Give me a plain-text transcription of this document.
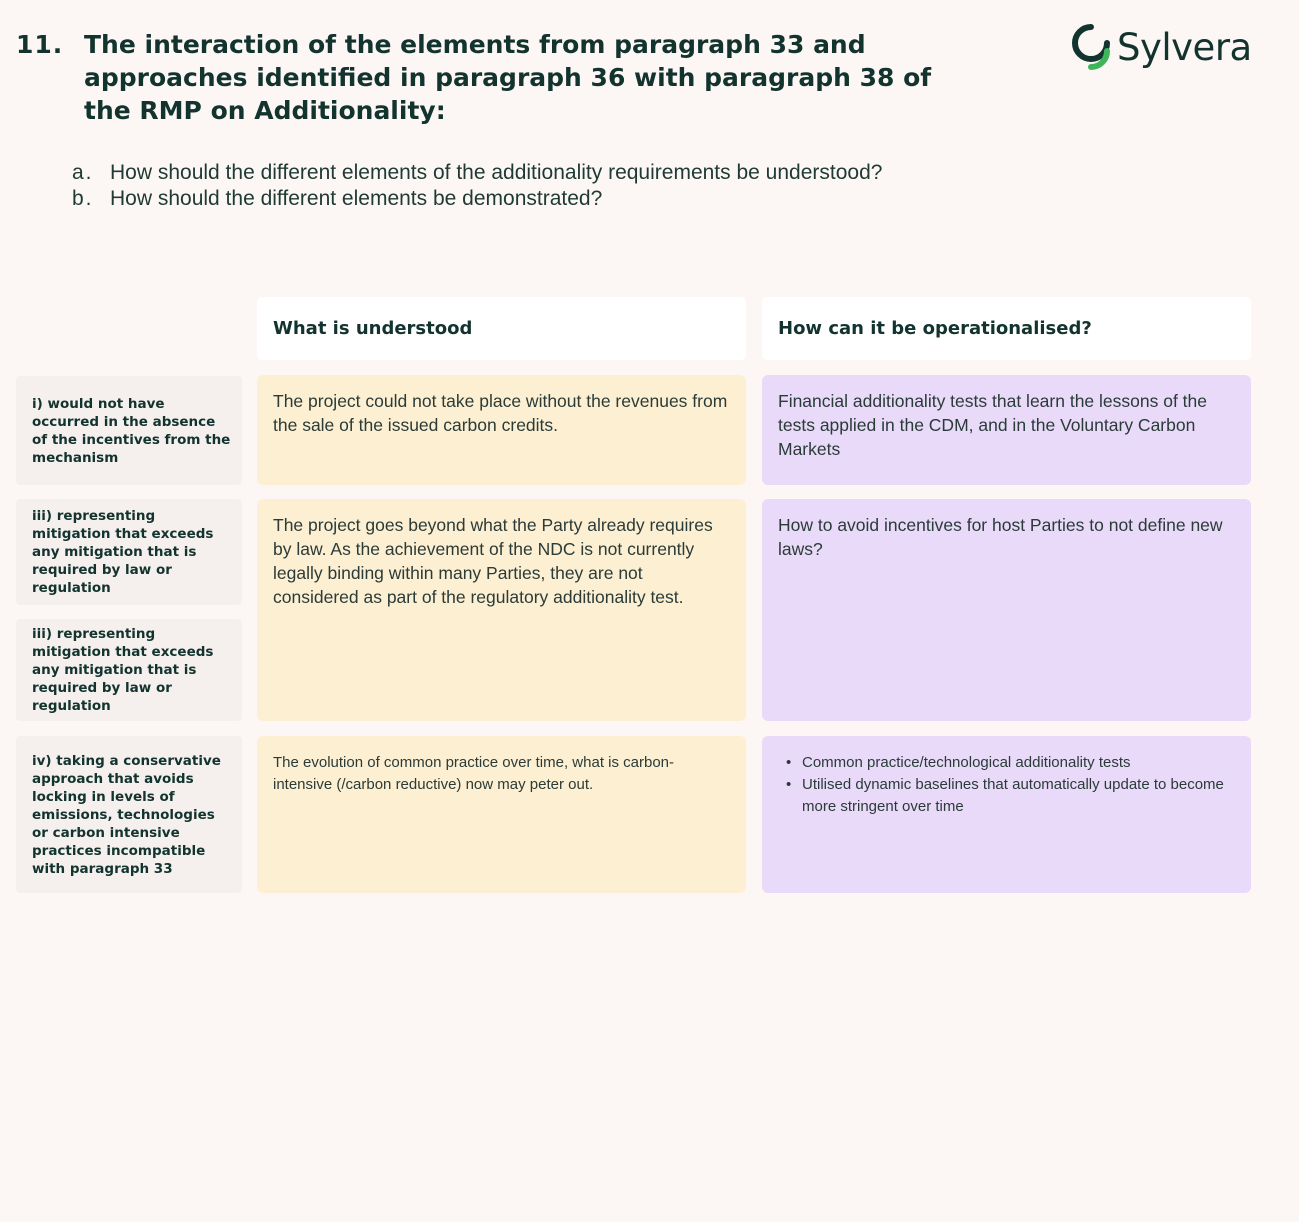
11. The interaction of the elements from paragraph 33 and approaches identified in paragraph 36 with paragraph 38 of the RMP on Additionality:
Sylvera
a. How should the different elements of the additionality requirements be understood?
b. How should the different elements be demonstrated?
What is understood	How can it be operationalised?
i) would not have occurred in the absence of the incentives from the mechanism
iii) representing mitigation that exceeds any mitigation that is required by law or regulation
iii) representing mitigation that exceeds any mitigation that is required by law or regulation
iv) taking a conservative approach that avoids locking in levels of emissions, technologies or carbon intensive practices incompatible with paragraph 33
The project could not take place without the revenues from the sale of the issued carbon credits.
Financial additionality tests that learn the lessons of the tests applied in the CDM, and in the Voluntary Carbon Markets
The project goes beyond what the Party already requires by law. As the achievement of the NDC is not currently legally binding within many Parties, they are not considered as part of the regulatory additionality test.
How to avoid incentives for host Parties to not define new laws?
The evolution of common practice over time, what is carbon-intensive (/carbon reductive) now may peter out.
• Common practice/technological additionality tests
• Utilised dynamic baselines that automatically update to become more stringent over time
